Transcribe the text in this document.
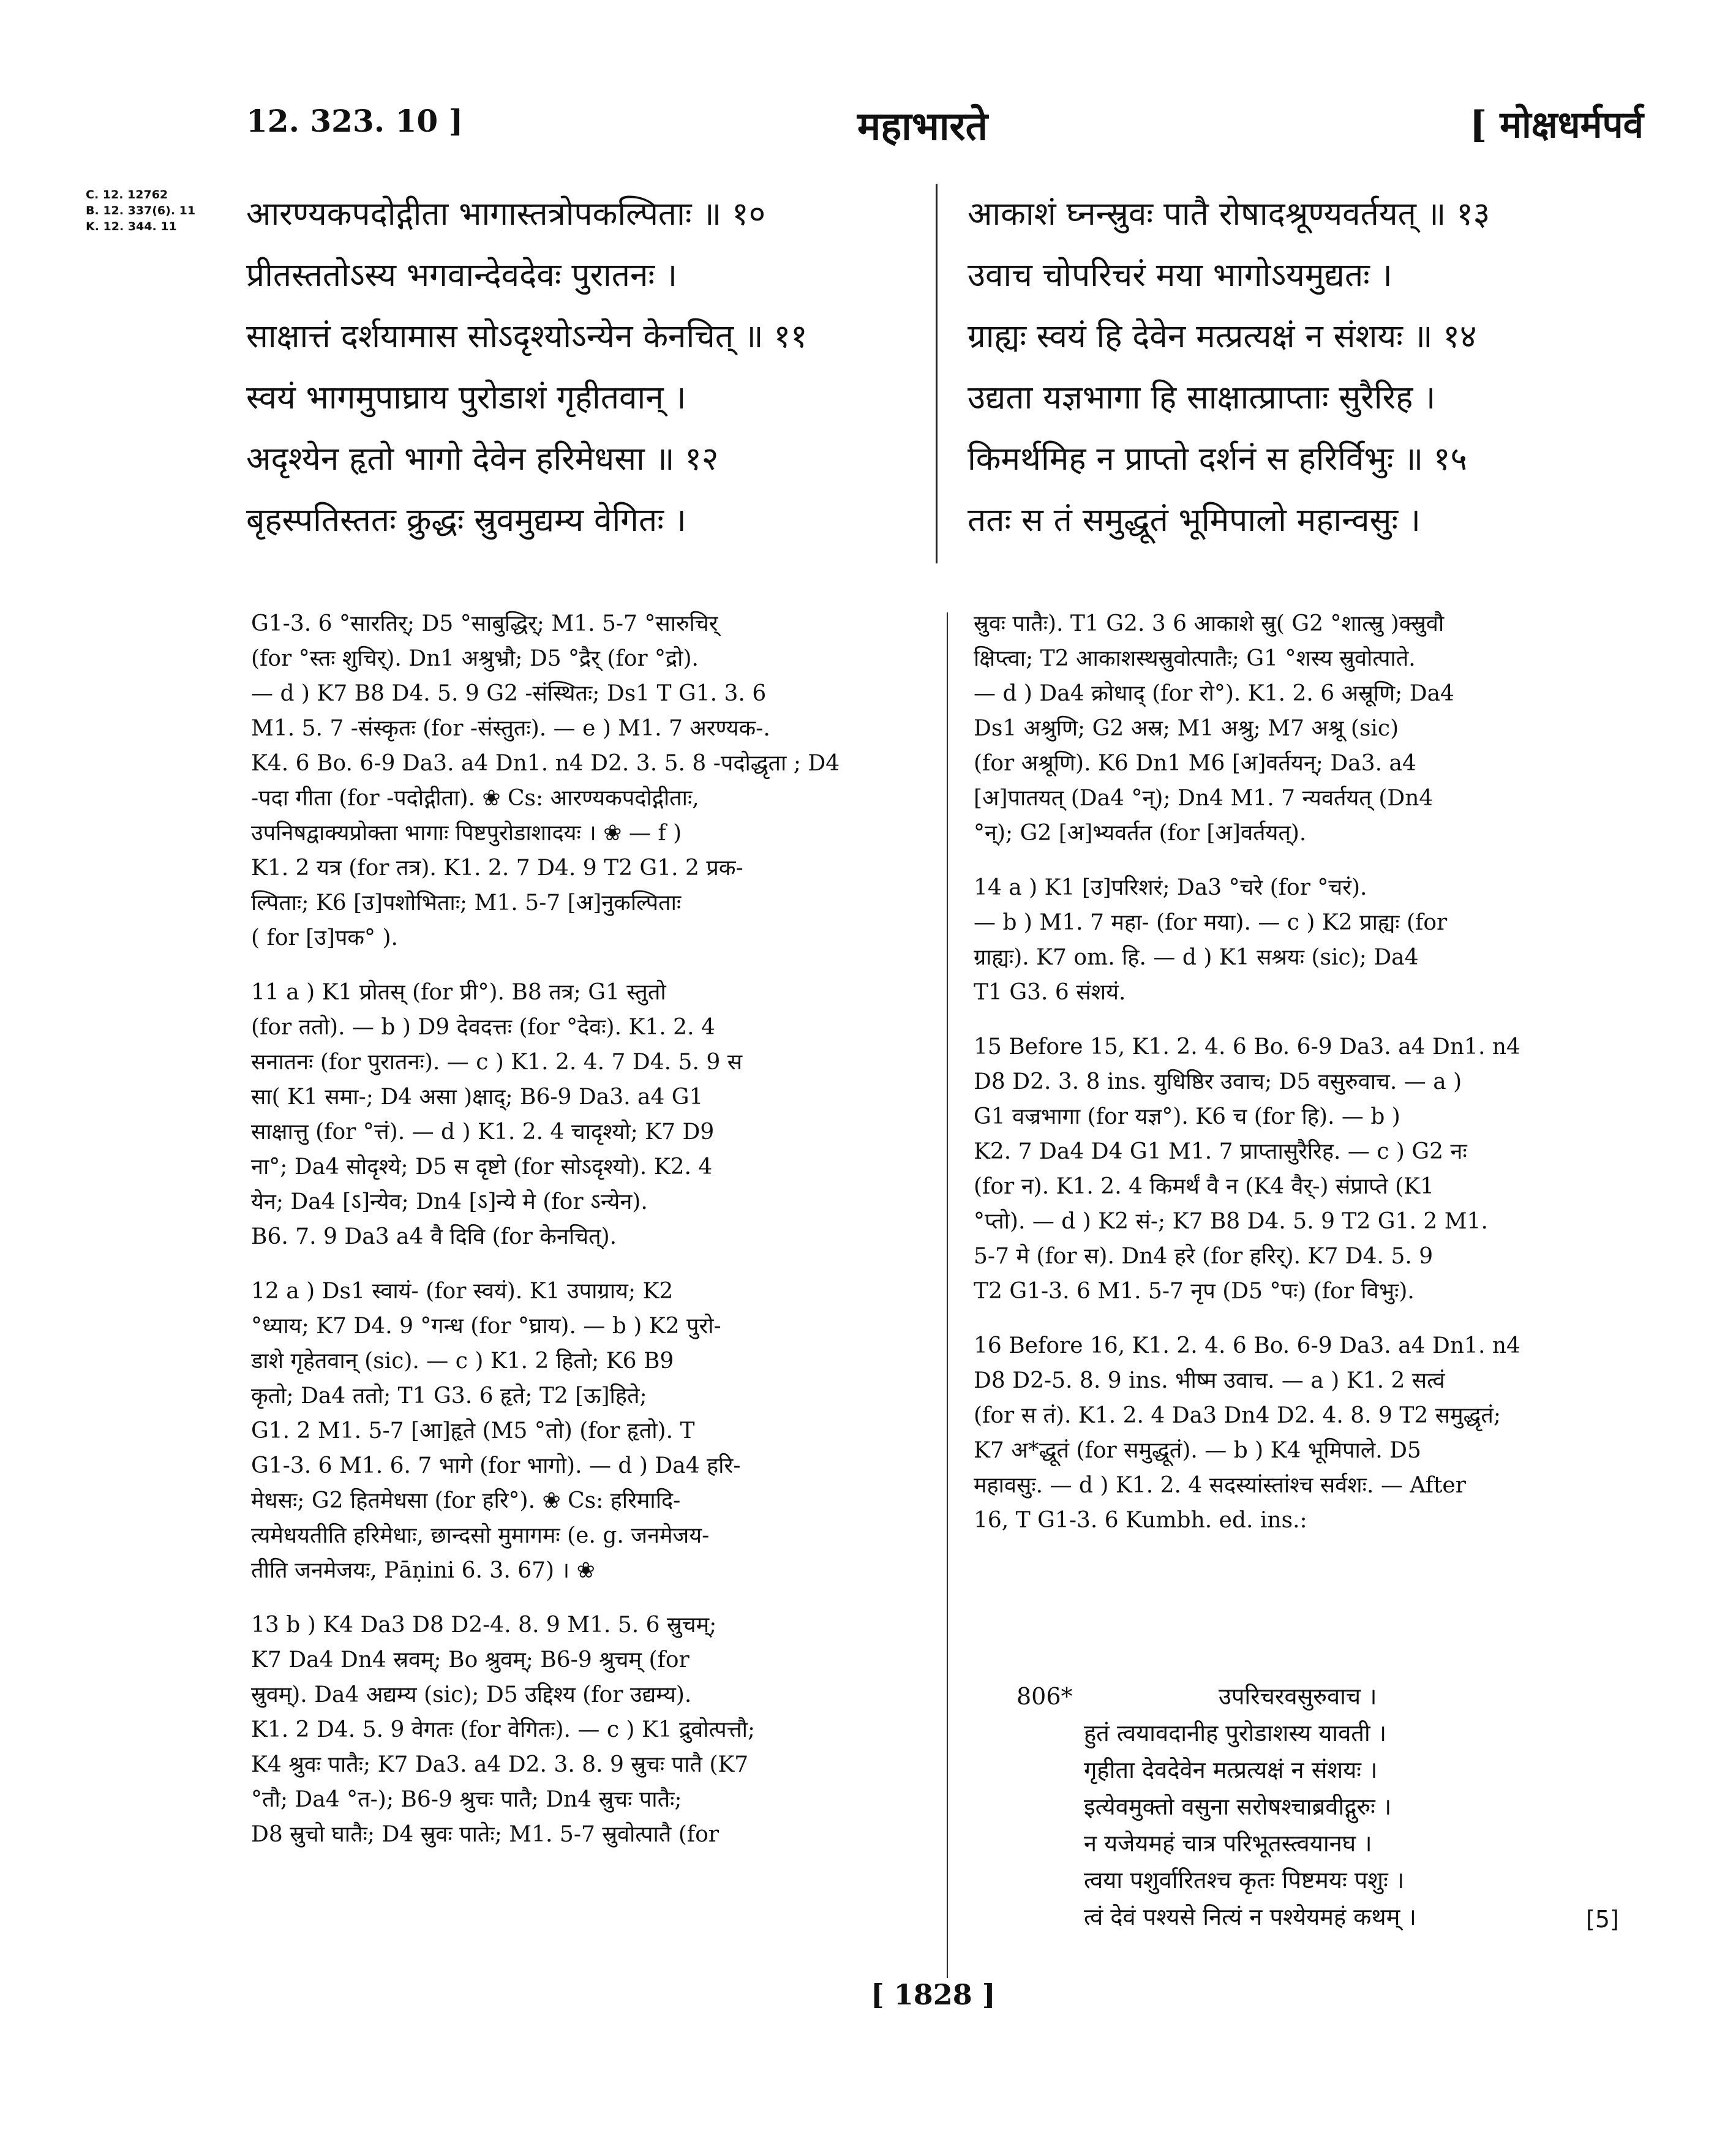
12. 323. 10 ]	महाभारते	[ मोक्षधर्मपर्व
C. 12. 12762
B. 12. 337(6). 11
K. 12. 344. 11	आरण्यकपदोद्गीता भागास्तत्रोपकल्पिताः ॥ १०
प्रीतस्ततोऽस्य भगवान्देवदेवः पुरातनः ।
साक्षात्तं दर्शयामास सोऽदृश्योऽन्येन केनचित् ॥ ११
स्वयं भागमुपाघ्राय पुरोडाशं गृहीतवान् ।
अदृश्येन हृतो भागो देवेन हरिमेधसा ॥ १२
बृहस्पतिस्ततः क्रुद्धः स्रुवमुद्यम्य वेगितः ।
आकाशं घ्नन्स्रुवः पातै रोषादश्रूण्यवर्तयत् ॥ १३
उवाच चोपरिचरं मया भागोऽयमुद्यतः ।
ग्राह्यः स्वयं हि देवेन मत्प्रत्यक्षं न संशयः ॥ १४
उद्यता यज्ञभागा हि साक्षात्प्राप्ताः सुरैरिह ।
किमर्थमिह न प्राप्तो दर्शनं स हरिर्विभुः ॥ १५
ततः स तं समुद्धूतं भूमिपालो महान्वसुः ।
G1-3. 6 °सारतिर्; D5 °साबुद्धिर्; M1. 5-7 °सारुचिर्
(for °स्तः शुचिर्). Dn1 अश्रुभ्रौ; D5 °द्रैर् (for °द्रो).
— d ) K7 B8 D4. 5. 9 G2 -संस्थितः; Ds1 T G1. 3. 6
M1. 5. 7 -संस्कृतः (for -संस्तुतः). — e ) M1. 7 अरण्यक-.
K4. 6 Bo. 6-9 Da3. a4 Dn1. n4 D2. 3. 5. 8 -पदोद्धृता ; D4
-पदा गीता (for -पदोद्गीता). ❀ Cs: आरण्यकपदोद्गीताः,
उपनिषद्वाक्यप्रोक्ता भागाः पिष्टपुरोडाशादयः । ❀ — f )
K1. 2 यत्र (for तत्र). K1. 2. 7 D4. 9 T2 G1. 2 प्रक-
ल्पिताः; K6 [उ]पशोभिताः; M1. 5-7 [अ]नुकल्पिताः
( for [उ]पक° ).
11 a ) K1 प्रोतस् (for प्री°). B8 तत्र; G1 स्तुतो
(for ततो). — b ) D9 देवदत्तः (for °देवः). K1. 2. 4
सनातनः (for पुरातनः). — c ) K1. 2. 4. 7 D4. 5. 9 स
सा( K1 समा-; D4 असा )क्षाद्; B6-9 Da3. a4 G1
साक्षात्तु (for °त्तं). — d ) K1. 2. 4 चादृश्यो; K7 D9
ना°; Da4 सोदृश्ये; D5 स दृष्टो (for सोऽदृश्यो). K2. 4
येन; Da4 [ऽ]न्येव; Dn4 [ऽ]न्ये मे (for ऽन्येन).
B6. 7. 9 Da3 a4 वै दिवि (for केनचित्).
12 a ) Ds1 स्वायं- (for स्वयं). K1 उपाग्राय; K2
°ध्याय; K7 D4. 9 °गन्ध (for °घ्राय). — b ) K2 पुरो-
डाशे गृहेतवान् (sic). — c ) K1. 2 हितो; K6 B9
कृतो; Da4 ततो; T1 G3. 6 हृते; T2 [ऊ]हिते;
G1. 2 M1. 5-7 [आ]हृते (M5 °तो) (for हृतो). T
G1-3. 6 M1. 6. 7 भागे (for भागो). — d ) Da4 हरि-
मेधसः; G2 हितमेधसा (for हरि°). ❀ Cs: हरिमादि-
त्यमेधयतीति हरिमेधाः, छान्दसो मुमागमः (e. g. जनमेजय-
तीति जनमेजयः, Pāṇini 6. 3. 67) । ❀
13 b ) K4 Da3 D8 D2-4. 8. 9 M1. 5. 6 स्रुचम्;
K7 Da4 Dn4 स्रवम्; Bo श्रुवम्; B6-9 श्रुचम् (for
स्रुवम्). Da4 अद्यम्य (sic); D5 उद्दिश्य (for उद्यम्य).
K1. 2 D4. 5. 9 वेगतः (for वेगितः). — c ) K1 द्रुवोत्पत्तौ;
K4 श्रुवः पातैः; K7 Da3. a4 D2. 3. 8. 9 स्रुचः पातै (K7
°तौ; Da4 °त-); B6-9 श्रुचः पातै; Dn4 स्रुचः पातैः;
D8 स्रुचो घातैः; D4 स्रुवः पातेः; M1. 5-7 स्रुवोत्पातै (for
स्रुवः पातैः). T1 G2. 3 6 आकाशे स्रु( G2 °शात्स्रु )क्स्रुवौ
क्षिप्त्वा; T2 आकाशस्थस्रुवोत्पातैः; G1 °शस्य स्रुवोत्पाते.
— d ) Da4 क्रोधाद् (for रो°). K1. 2. 6 अस्रूणि; Da4
Ds1 अश्रुणि; G2 अस्र; M1 अश्रु; M7 अश्रू (sic)
(for अश्रूणि). K6 Dn1 M6 [अ]वर्तयन्; Da3. a4
[अ]पातयत् (Da4 °न्); Dn4 M1. 7 न्यवर्तयत् (Dn4
°न्); G2 [अ]भ्यवर्तत (for [अ]वर्तयत्).
14 a ) K1 [उ]परिशरं; Da3 °चरे (for °चरं).
— b ) M1. 7 महा- (for मया). — c ) K2 प्राह्यः (for
ग्राह्यः). K7 om. हि. — d ) K1 सश्रयः (sic); Da4
T1 G3. 6 संशयं.
15 Before 15, K1. 2. 4. 6 Bo. 6-9 Da3. a4 Dn1. n4
D8 D2. 3. 8 ins. युधिष्ठिर उवाच; D5 वसुरुवाच. — a )
G1 वज्रभागा (for यज्ञ°). K6 च (for हि). — b )
K2. 7 Da4 D4 G1 M1. 7 प्राप्तासुरैरिह. — c ) G2 नः
(for न). K1. 2. 4 किमर्थं वै न (K4 वैर्-) संप्राप्ते (K1
°प्तो). — d ) K2 सं-; K7 B8 D4. 5. 9 T2 G1. 2 M1.
5-7 मे (for स). Dn4 हरे (for हरिर्). K7 D4. 5. 9
T2 G1-3. 6 M1. 5-7 नृप (D5 °पः) (for विभुः).
16 Before 16, K1. 2. 4. 6 Bo. 6-9 Da3. a4 Dn1. n4
D8 D2-5. 8. 9 ins. भीष्म उवाच. — a ) K1. 2 सत्वं
(for स तं). K1. 2. 4 Da3 Dn4 D2. 4. 8. 9 T2 समुद्धृतं;
K7 अ*द्धूतं (for समुद्धूतं). — b ) K4 भूमिपाले. D5
महावसुः. — d ) K1. 2. 4 सदस्यांस्तांश्च सर्वशः. — After
16, T G1-3. 6 Kumbh. ed. ins.:
806*	उपरिचरवसुरुवाच ।
हुतं त्वयावदानीह पुरोडाशस्य यावती ।
गृहीता देवदेवेन मत्प्रत्यक्षं न संशयः ।
इत्येवमुक्तो वसुना सरोषश्चाब्रवीद्गुरुः ।
न यजेयमहं चात्र परिभूतस्त्वयानघ ।
त्वया पशुर्वारितश्च कृतः पिष्टमयः पशुः ।
त्वं देवं पश्यसे नित्यं न पश्येयमहं कथम् ।	[5]
[ 1828 ]
